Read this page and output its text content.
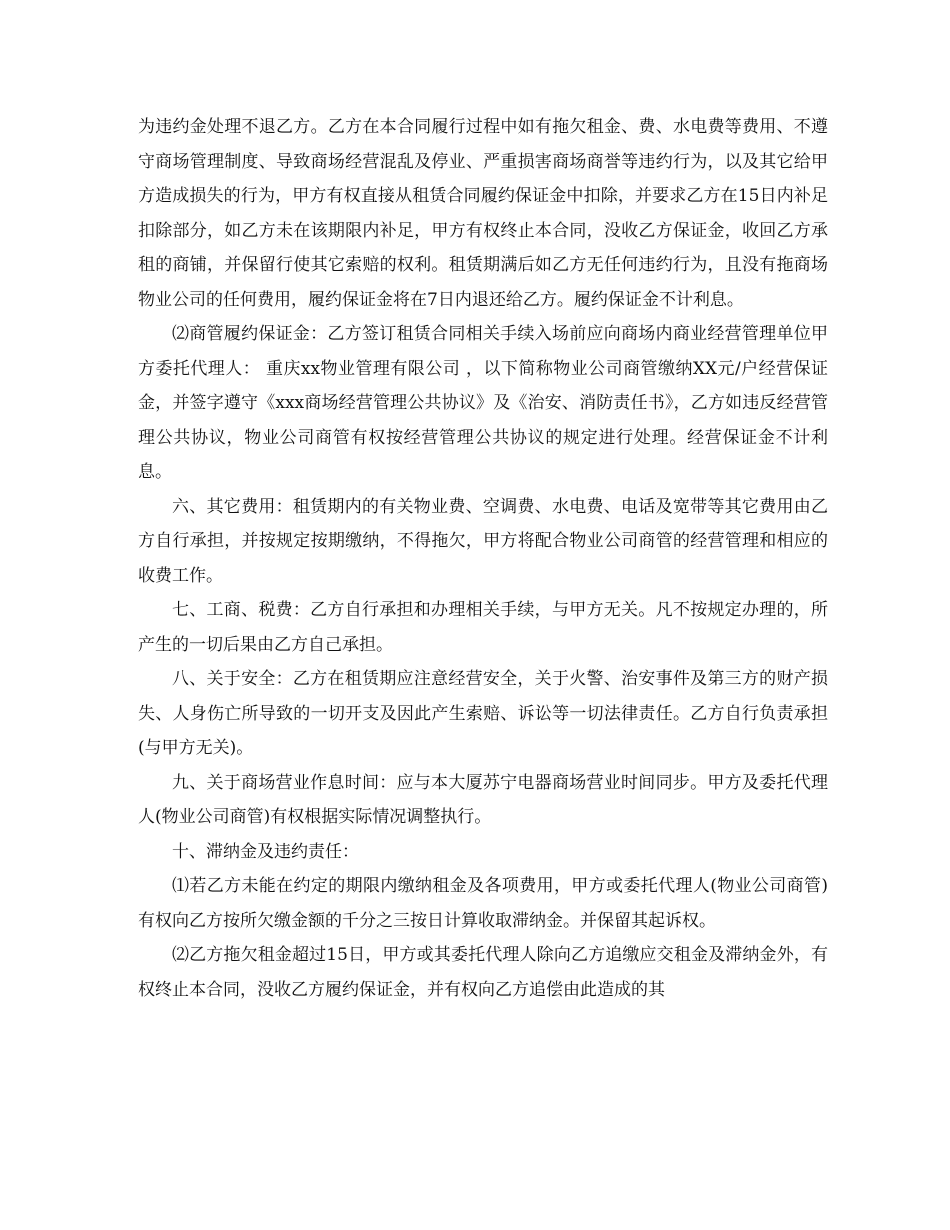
为违约金处理不退乙方。乙方在本合同履行过程中如有拖欠租金、费、水电费等费用、不遵守商场管理制度、导致商场经营混乱及停业、严重损害商场商誉等违约行为，以及其它给甲方造成损失的行为，甲方有权直接从租赁合同履约保证金中扣除，并要求乙方在15日内补足扣除部分，如乙方未在该期限内补足，甲方有权终止本合同，没收乙方保证金，收回乙方承租的商铺，并保留行使其它索赔的权利。租赁期满后如乙方无任何违约行为，且没有拖商场物业公司的任何费用，履约保证金将在7日内退还给乙方。履约保证金不计利息。

⑵商管履约保证金：乙方签订租赁合同相关手续入场前应向商场内商业经营管理单位甲方委托代理人： 重庆xx物业管理有限公司 ，以下简称物业公司商管缴纳XX元/户经营保证金，并签字遵守《xxx商场经营管理公共协议》及《治安、消防责任书》，乙方如违反经营管理公共协议，物业公司商管有权按经营管理公共协议的规定进行处理。经营保证金不计利息。

六、其它费用：租赁期内的有关物业费、空调费、水电费、电话及宽带等其它费用由乙方自行承担，并按规定按期缴纳，不得拖欠，甲方将配合物业公司商管的经营管理和相应的收费工作。

七、工商、税费：乙方自行承担和办理相关手续，与甲方无关。凡不按规定办理的，所产生的一切后果由乙方自己承担。

八、关于安全：乙方在租赁期应注意经营安全，关于火警、治安事件及第三方的财产损失、人身伤亡所导致的一切开支及因此产生索赔、诉讼等一切法律责任。乙方自行负责承担(与甲方无关)。

九、关于商场营业作息时间：应与本大厦苏宁电器商场营业时间同步。甲方及委托代理人(物业公司商管)有权根据实际情况调整执行。

十、滞纳金及违约责任：

⑴若乙方未能在约定的期限内缴纳租金及各项费用，甲方或委托代理人(物业公司商管)有权向乙方按所欠缴金额的千分之三按日计算收取滞纳金。并保留其起诉权。

⑵乙方拖欠租金超过15日，甲方或其委托代理人除向乙方追缴应交租金及滞纳金外，有权终止本合同，没收乙方履约保证金，并有权向乙方追偿由此造成的其
